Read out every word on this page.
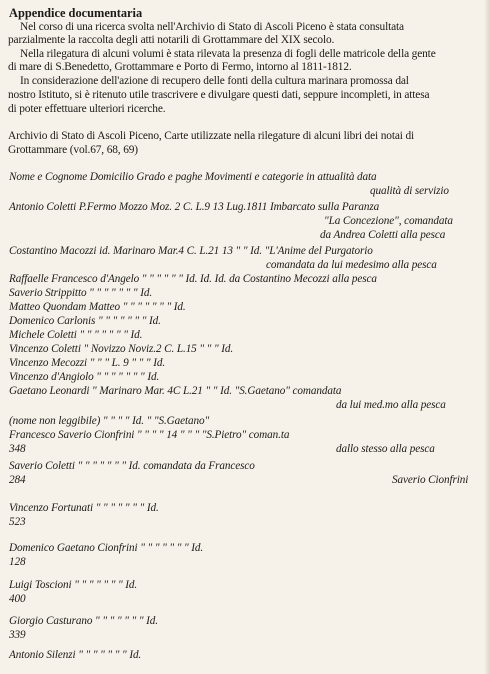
Appendice documentaria
Nel corso di una ricerca svolta nell'Archivio di Stato di Ascoli Piceno è stata consultata
parzialmente la raccolta degli atti notarili di Grottammare del XIX secolo.
Nella rilegatura di alcuni volumi è stata rilevata la presenza di fogli delle matricole della gente
di mare di S.Benedetto, Grottammare e Porto di Fermo, intorno al 1811-1812.
In considerazione dell'azione di recupero delle fonti della cultura marinara promossa dal
nostro Istituto, si è ritenuto utile trascrivere e divulgare questi dati, seppure incompleti, in attesa
di poter effettuare ulteriori ricerche.
Archivio di Stato di Ascoli Piceno, Carte utilizzate nella rilegature di alcuni libri dei notai di
Grottammare (vol.67, 68, 69)
Nome e Cognome Domicilio Grado e paghe Movimenti e categorie in attualità data
qualità di servizio
Antonio Coletti P.Fermo Mozzo Moz. 2 C. L.9 13 Lug.1811 Imbarcato sulla Paranza
"La Concezione", comandata
da Andrea Coletti alla pesca
Costantino Macozzi id. Marinaro Mar.4 C. L.21 13 " " Id. "L'Anime del Purgatorio
comandata da lui medesimo alla pesca
Raffaelle Francesco d'Angelo " " " " " " Id. Id. Id. da Costantino Mecozzi alla pesca
Saverio Strippitto " " " " " " " Id.
Matteo Quondam Matteo " " " " " " " Id.
Domenico Carlonis " " " " " " " Id.
Michele Coletti " " " " " " " Id.
Vincenzo Coletti " Novizzo Noviz.2 C. L.15 " " " Id.
Vincenzo Mecozzi " " " L. 9 " " " Id.
Vincenzo d'Angiolo " " " " " " " Id.
Gaetano Leonardi " Marinaro Mar. 4C L.21 " " Id. "S.Gaetano" comandata
da lui med.mo alla pesca
(nome non leggibile) " " " " Id. " "S.Gaetano"
Francesco Saverio Cionfrini " " " " 14 " " " "S.Pietro" coman.ta
348	dallo stesso alla pesca
Saverio Coletti " " " " " " " Id. comandata da Francesco
284	Saverio Cionfrini
Vincenzo Fortunati " " " " " " " Id.
523
Domenico Gaetano Cionfrini " " " " " " " Id.
128
Luigi Toscioni " " " " " " " Id.
400
Giorgio Casturano " " " " " " " Id.
339
Antonio Silenzi " " " " " " " Id.
